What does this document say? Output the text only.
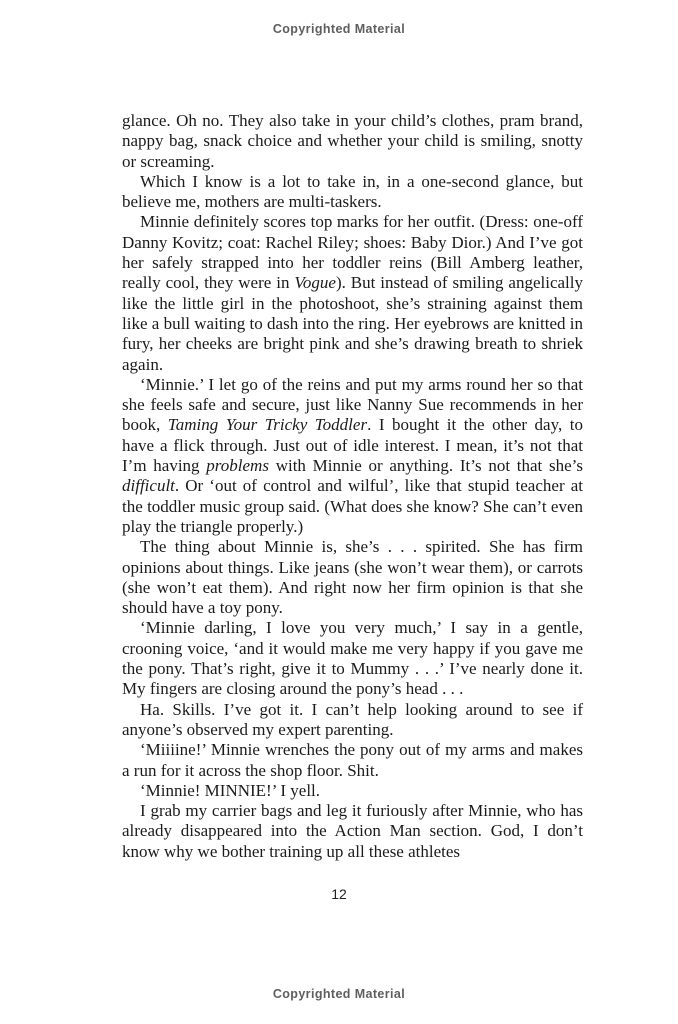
Copyrighted Material

glance. Oh no. They also take in your child’s clothes, pram brand, nappy bag, snack choice and whether your child is smiling, snotty or screaming.

Which I know is a lot to take in, in a one-second glance, but believe me, mothers are multi-taskers.

Minnie definitely scores top marks for her outfit. (Dress: one-off Danny Kovitz; coat: Rachel Riley; shoes: Baby Dior.) And I’ve got her safely strapped into her toddler reins (Bill Amberg leather, really cool, they were in Vogue). But instead of smiling angelically like the little girl in the photoshoot, she’s straining against them like a bull waiting to dash into the ring. Her eyebrows are knitted in fury, her cheeks are bright pink and she’s drawing breath to shriek again.

‘Minnie.’ I let go of the reins and put my arms round her so that she feels safe and secure, just like Nanny Sue recommends in her book, Taming Your Tricky Toddler. I bought it the other day, to have a flick through. Just out of idle interest. I mean, it’s not that I’m having problems with Minnie or anything. It’s not that she’s difficult. Or ‘out of control and wilful’, like that stupid teacher at the toddler music group said. (What does she know? She can’t even play the triangle properly.)

The thing about Minnie is, she’s . . . spirited. She has firm opinions about things. Like jeans (she won’t wear them), or carrots (she won’t eat them). And right now her firm opinion is that she should have a toy pony.

‘Minnie darling, I love you very much,’ I say in a gentle, crooning voice, ‘and it would make me very happy if you gave me the pony. That’s right, give it to Mummy . . .’ I’ve nearly done it. My fingers are closing around the pony’s head . . .

Ha. Skills. I’ve got it. I can’t help looking around to see if anyone’s observed my expert parenting.

‘Miiiine!’ Minnie wrenches the pony out of my arms and makes a run for it across the shop floor. Shit.

‘Minnie! MINNIE!’ I yell.

I grab my carrier bags and leg it furiously after Minnie, who has already disappeared into the Action Man section. God, I don’t know why we bother training up all these athletes

12
Copyrighted Material
